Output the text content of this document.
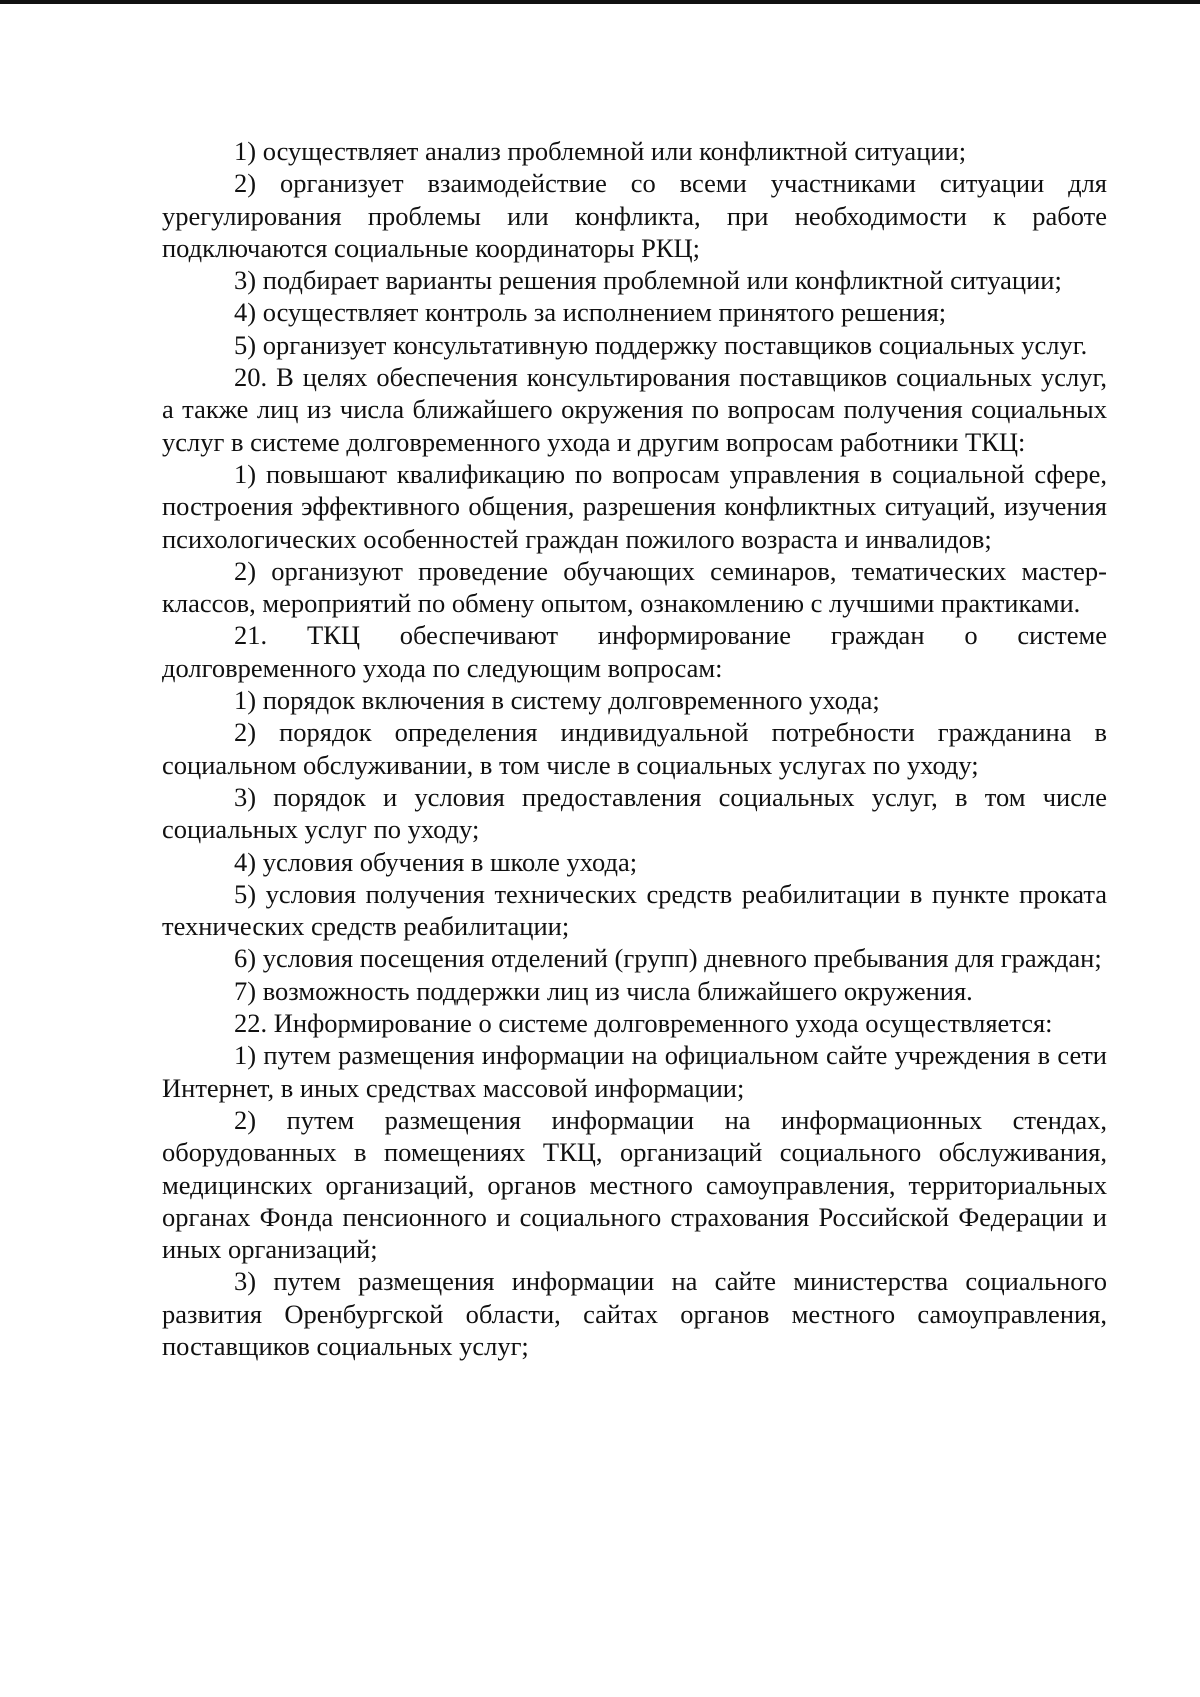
1) осуществляет анализ проблемной или конфликтной ситуации;

2) организует взаимодействие со всеми участниками ситуации для урегулирования проблемы или конфликта, при необходимости к работе подключаются социальные координаторы РКЦ;

3) подбирает варианты решения проблемной или конфликтной ситуации;

4) осуществляет контроль за исполнением принятого решения;

5) организует консультативную поддержку поставщиков социальных услуг.

20. В целях обеспечения консультирования поставщиков социальных услуг, а также лиц из числа ближайшего окружения по вопросам получения социальных услуг в системе долговременного ухода и другим вопросам работники ТКЦ:

1) повышают квалификацию по вопросам управления в социальной сфере, построения эффективного общения, разрешения конфликтных ситуаций, изучения психологических особенностей граждан пожилого возраста и инвалидов;

2) организуют проведение обучающих семинаров, тематических мастер-классов, мероприятий по обмену опытом, ознакомлению с лучшими практиками.

21. ТКЦ обеспечивают информирование граждан о системе долговременного ухода по следующим вопросам:

1) порядок включения в систему долговременного ухода;

2) порядок определения индивидуальной потребности гражданина в социальном обслуживании, в том числе в социальных услугах по уходу;

3) порядок и условия предоставления социальных услуг, в том числе социальных услуг по уходу;

4) условия обучения в школе ухода;

5) условия получения технических средств реабилитации в пункте проката технических средств реабилитации;

6) условия посещения отделений (групп) дневного пребывания для граждан;

7) возможность поддержки лиц из числа ближайшего окружения.

22. Информирование о системе долговременного ухода осуществляется:

1) путем размещения информации на официальном сайте учреждения в сети Интернет, в иных средствах массовой информации;

2) путем размещения информации на информационных стендах, оборудованных в помещениях ТКЦ, организаций социального обслуживания, медицинских организаций, органов местного самоуправления, территориальных органах Фонда пенсионного и социального страхования Российской Федерации и иных организаций;

3) путем размещения информации на сайте министерства социального развития Оренбургской области, сайтах органов местного самоуправления, поставщиков социальных услуг;
